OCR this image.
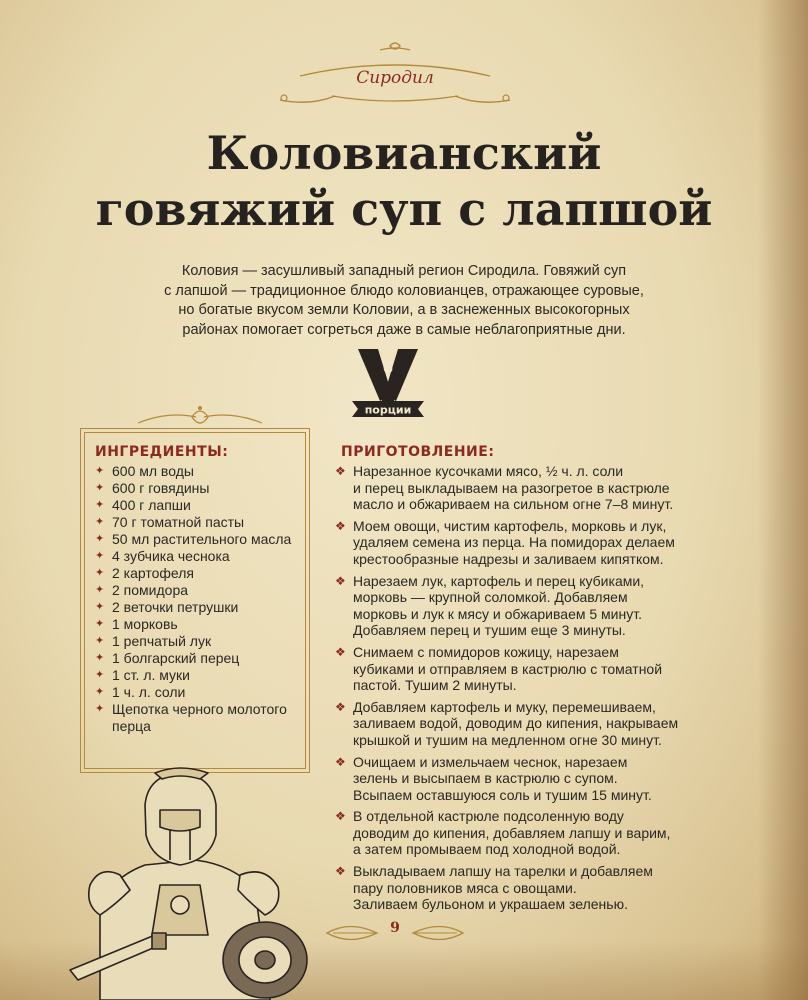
Сиродил
Коловианский
говяжий суп с лапшой
Коловия — засушливый западный регион Сиродила. Говяжий суп
с лапшой — традиционное блюдо коловианцев, отражающее суровые,
но богатые вкусом земли Коловии, а в заснеженных высокогорных
районах помогает согреться даже в самые неблагоприятные дни.
6
порции
ИНГРЕДИЕНТЫ:
✦ 600 мл воды
✦ 600 г говядины
✦ 400 г лапши
✦ 70 г томатной пасты
✦ 50 мл растительного масла
✦ 4 зубчика чеснока
✦ 2 картофеля
✦ 2 помидора
✦ 2 веточки петрушки
✦ 1 морковь
✦ 1 репчатый лук
✦ 1 болгарский перец
✦ 1 ст. л. муки
✦ 1 ч. л. соли
✦ Щепотка черного молотого перца
ПРИГОТОВЛЕНИЕ:
❖ Нарезанное кусочками мясо, ½ ч. л. соли
и перец выкладываем на разогретое в кастрюле
масло и обжариваем на сильном огне 7–8 минут.
❖ Моем овощи, чистим картофель, морковь и лук,
удаляем семена из перца. На помидорах делаем
крестообразные надрезы и заливаем кипятком.
❖ Нарезаем лук, картофель и перец кубиками,
морковь — крупной соломкой. Добавляем
морковь и лук к мясу и обжариваем 5 минут.
Добавляем перец и тушим еще 3 минуты.
❖ Снимаем с помидоров кожицу, нарезаем
кубиками и отправляем в кастрюлю с томатной
пастой. Тушим 2 минуты.
❖ Добавляем картофель и муку, перемешиваем,
заливаем водой, доводим до кипения, накрываем
крышкой и тушим на медленном огне 30 минут.
❖ Очищаем и измельчаем чеснок, нарезаем
зелень и высыпаем в кастрюлю с супом.
Всыпаем оставшуюся соль и тушим 15 минут.
❖ В отдельной кастрюле подсоленную воду
доводим до кипения, добавляем лапшу и варим,
а затем промываем под холодной водой.
❖ Выкладываем лапшу на тарелки и добавляем
пару половников мяса с овощами.
Заливаем бульоном и украшаем зеленью.
9
